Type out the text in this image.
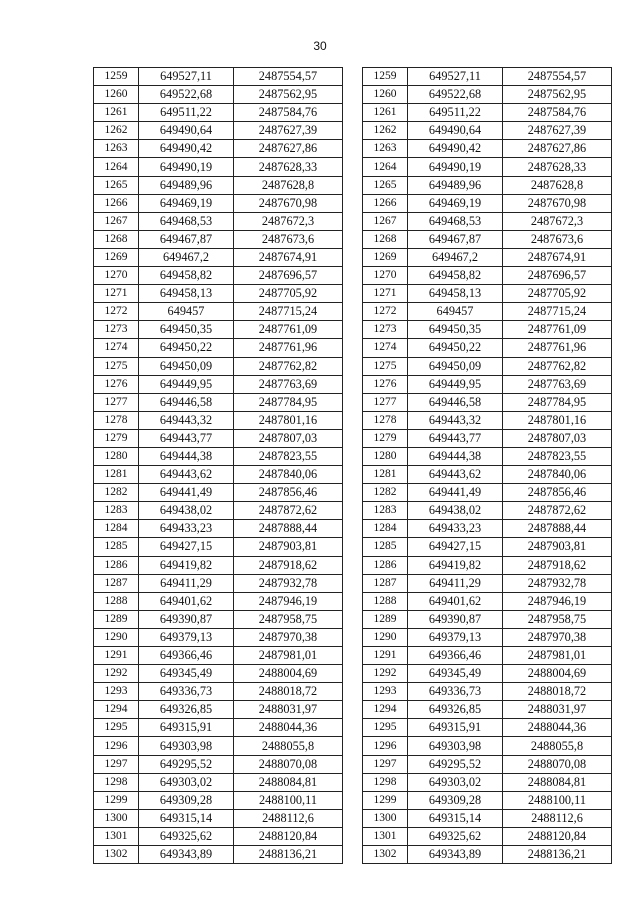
30
1259	649527,11	2487554,57
1260	649522,68	2487562,95
1261	649511,22	2487584,76
1262	649490,64	2487627,39
1263	649490,42	2487627,86
1264	649490,19	2487628,33
1265	649489,96	2487628,8
1266	649469,19	2487670,98
1267	649468,53	2487672,3
1268	649467,87	2487673,6
1269	649467,2	2487674,91
1270	649458,82	2487696,57
1271	649458,13	2487705,92
1272	649457	2487715,24
1273	649450,35	2487761,09
1274	649450,22	2487761,96
1275	649450,09	2487762,82
1276	649449,95	2487763,69
1277	649446,58	2487784,95
1278	649443,32	2487801,16
1279	649443,77	2487807,03
1280	649444,38	2487823,55
1281	649443,62	2487840,06
1282	649441,49	2487856,46
1283	649438,02	2487872,62
1284	649433,23	2487888,44
1285	649427,15	2487903,81
1286	649419,82	2487918,62
1287	649411,29	2487932,78
1288	649401,62	2487946,19
1289	649390,87	2487958,75
1290	649379,13	2487970,38
1291	649366,46	2487981,01
1292	649345,49	2488004,69
1293	649336,73	2488018,72
1294	649326,85	2488031,97
1295	649315,91	2488044,36
1296	649303,98	2488055,8
1297	649295,52	2488070,08
1298	649303,02	2488084,81
1299	649309,28	2488100,11
1300	649315,14	2488112,6
1301	649325,62	2488120,84
1302	649343,89	2488136,21
1259	649527,11	2487554,57
1260	649522,68	2487562,95
1261	649511,22	2487584,76
1262	649490,64	2487627,39
1263	649490,42	2487627,86
1264	649490,19	2487628,33
1265	649489,96	2487628,8
1266	649469,19	2487670,98
1267	649468,53	2487672,3
1268	649467,87	2487673,6
1269	649467,2	2487674,91
1270	649458,82	2487696,57
1271	649458,13	2487705,92
1272	649457	2487715,24
1273	649450,35	2487761,09
1274	649450,22	2487761,96
1275	649450,09	2487762,82
1276	649449,95	2487763,69
1277	649446,58	2487784,95
1278	649443,32	2487801,16
1279	649443,77	2487807,03
1280	649444,38	2487823,55
1281	649443,62	2487840,06
1282	649441,49	2487856,46
1283	649438,02	2487872,62
1284	649433,23	2487888,44
1285	649427,15	2487903,81
1286	649419,82	2487918,62
1287	649411,29	2487932,78
1288	649401,62	2487946,19
1289	649390,87	2487958,75
1290	649379,13	2487970,38
1291	649366,46	2487981,01
1292	649345,49	2488004,69
1293	649336,73	2488018,72
1294	649326,85	2488031,97
1295	649315,91	2488044,36
1296	649303,98	2488055,8
1297	649295,52	2488070,08
1298	649303,02	2488084,81
1299	649309,28	2488100,11
1300	649315,14	2488112,6
1301	649325,62	2488120,84
1302	649343,89	2488136,21
